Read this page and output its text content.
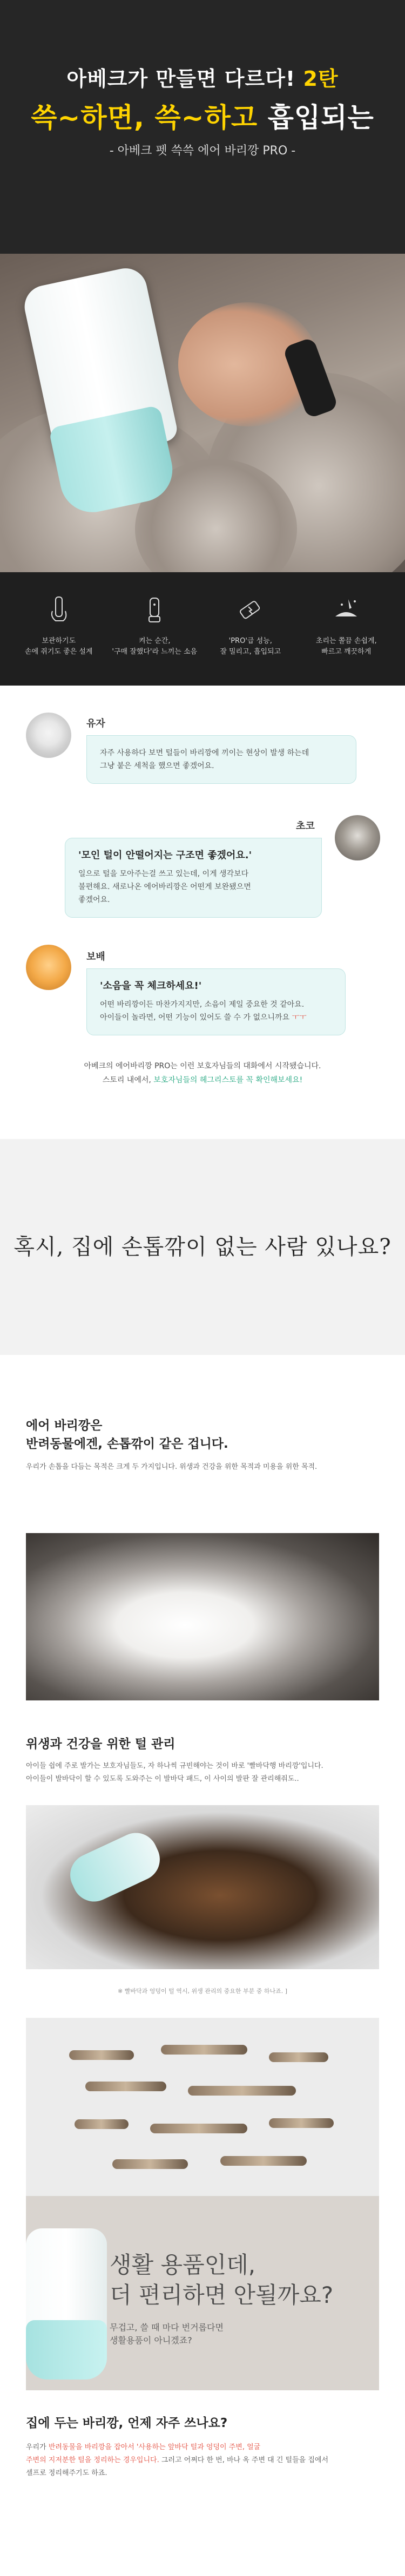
아베크가 만들면 다르다! 2탄
쓱~하면, 쓱~하고 흡입되는
- 아베크 펫 쓱쓱 에어 바리깡 PRO -
보관하기도
손에 쥐기도 좋은 설계
켜는 순간,
'구매 잘했다'라 느끼는 소음
'PRO'급 성능,
잘 밀리고, 흡입되고
초리는 쫄끔 손쉽게,
빠르고 깨끗하게
유자
자주 사용하다 보면 털들이 바리깡에 끼이는 현상이 발생 하는데
그냥 붙은 세척을 했으면 좋겠어요.
초코
'모인 털이 안떨어지는 구조면 좋겠어요.'
일으로 털을 모아주는걸 쓰고 있는데, 이게 생각보다
불편해요. 새로나온 에어바리깡은 어떤게 보완됐으면
좋겠어요.
보배
'소음을 꼭 체크하세요!'
어떤 바리깡이든 마찬가지지만, 소음이 제일 중요한 것 같아요.
아이들이 놀라면, 어떤 기능이 있어도 쓸 수 가 없으니까요 ㅜㅜ
아베크의 에어바리깡 PRO는 이런 보호자님들의 대화에서 시작됐습니다.
스토리 내에서, 보호자님들의 헤그리스토를 꼭 확인해보세요!
혹시, 집에 손톱깎이 없는 사람 있나요?
에어 바리깡은
반려동물에겐, 손톱깎이 같은 겁니다.
우리가 손톱을 다듬는 목적은 크게 두 가지입니다. 위생과 건강을 위한 목적과 미용을 위한 목적.
위생과 건강을 위한 털 관리
아이들 쉽에 주로 발가는 보호자님들도, 자 하나씩 규빈해야는 것이 바로 '빨바닥행 바리깡'입니다.
아이들이 발바닥이 할 수 있도록 도와주는 이 발바닥 패드, 이 사이의 발판 잘 관리해줘도..
※ 빨바닥과 엉덩이 털 역시, 위생 관리의 중요한 부분 중 하나죠. ]
생활 용품인데,
더 편리하면 안될까요?
무겁고, 쓸 때 마다 번거롭다면
생활용품이 아니겠죠?
집에 두는 바리깡, 언제 자주 쓰나요?
우리가 반려동물을 바리깡을 잡아서 '사용하는 앞바닥 털과 엉덩이 주변, 얼굴
주변의 지저분한 털을 정리하는 경우입니다. 그러고 어쩌다 한 번, 바나 옥 주변 대 긴 털들을 집에서
셀프로 정리해주기도 하죠.
